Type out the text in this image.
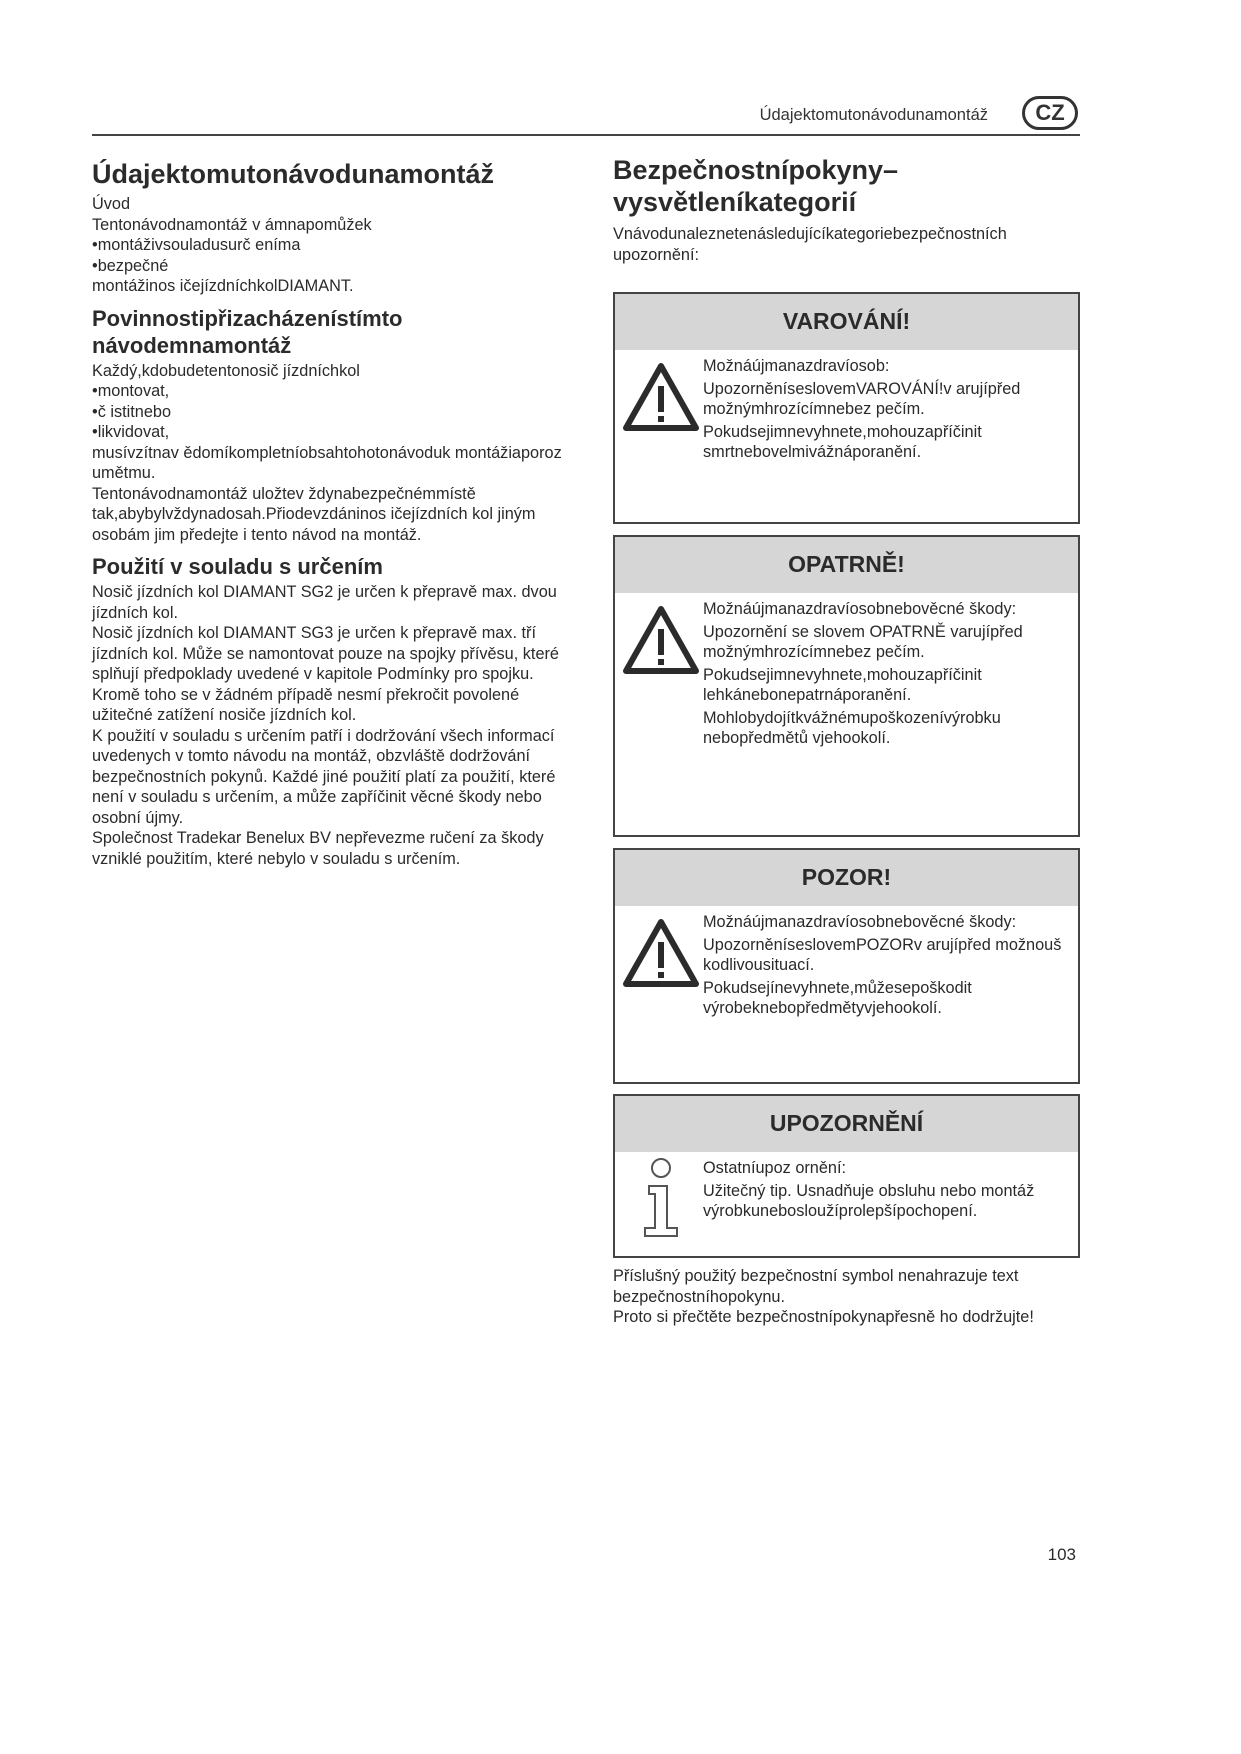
Údajektomutonávodunamontáž	CZ
Údajektomutonávodunamontáž

Úvod

Tentonávodnamontáž v ámnapomůžek

•montáživsouladusurč eníma

•bezpečné

montážinos ičejízdníchkolDIAMANT.

Povinnostipřizacházenístímto návodemnamontáž

Každý,kdobudetentonosič jízdníchkol

•montovat,

•č istitnebo

•likvidovat,

musívzítnav ědomíkompletníobsahtohotonávoduk montážiaporoz umětmu.

Tentonávodnamontáž uložtev ždynabezpečnémmístě tak,abybylvždynadosah.Přiodevzdáninos ičejízdních kol jiným osobám jim předejte i tento návod na montáž.

Použití v souladu s určením

Nosič jízdních kol DIAMANT SG2 je určen k přepravě max. dvou jízdních kol.

Nosič jízdních kol DIAMANT SG3 je určen k přepravě max. tří jízdních kol. Může se namontovat pouze na spojky přívěsu, které splňují předpoklady uvedené v kapitole Podmínky pro spojku. Kromě toho se v žádném případě nesmí překročit povolené užitečné zatížení nosiče jízdních kol.

K použití v souladu s určením patří i dodržování všech informací uvedenych v tomto návodu na montáž, obzvláště dodržování bezpečnostních pokynů. Každé jiné použití platí za použití, které není v souladu s určením, a může zapříčinit věcné škody nebo osobní újmy.

Společnost Tradekar Benelux BV nepřevezme ručení za škody vzniklé použitím, které nebylo v souladu s určením.

Bezpečnostnípokyny–
vysvětleníkategorií

Vnávodunaleznetenásledujícíkategoriebezpečnostních upozornění:

VAROVÁNÍ!

Možnáújmanazdravíosob:

UpozorněníseslovemVAROVÁNÍ!v arujípřed možnýmhrozícímnebez pečím.

Pokudsejimnevyhnete,mohouzapříčinit smrtnebovelmivážnáporanění.

OPATRNĚ!

Možnáújmanazdravíosobnebověcné škody:

Upozornění se slovem OPATRNĚ varujípřed možnýmhrozícímnebez pečím.

Pokudsejimnevyhnete,mohouzapříčinit lehkánebonepatrnáporanění.

Mohlobydojítkvážnémupoškozenívýrobku nebopředmětů vjehookolí.

POZOR!

Možnáújmanazdravíosobnebověcné škody:

UpozorněníseslovemPOZORv arujípřed možnouš kodlivousituací.

Pokudsejínevyhnete,můžesepoškodit výrobeknebopředmětyvjehookolí.

UPOZORNĚNÍ

Ostatníupoz ornění:

Užitečný tip. Usnadňuje obsluhu nebo montáž výrobkunebosloužíprolepšípochopení.

Příslušný použitý bezpečnostní symbol nenahrazuje text bezpečnostníhopokynu.

Proto si přečtěte bezpečnostnípokynapřesně ho dodržujte!

103
